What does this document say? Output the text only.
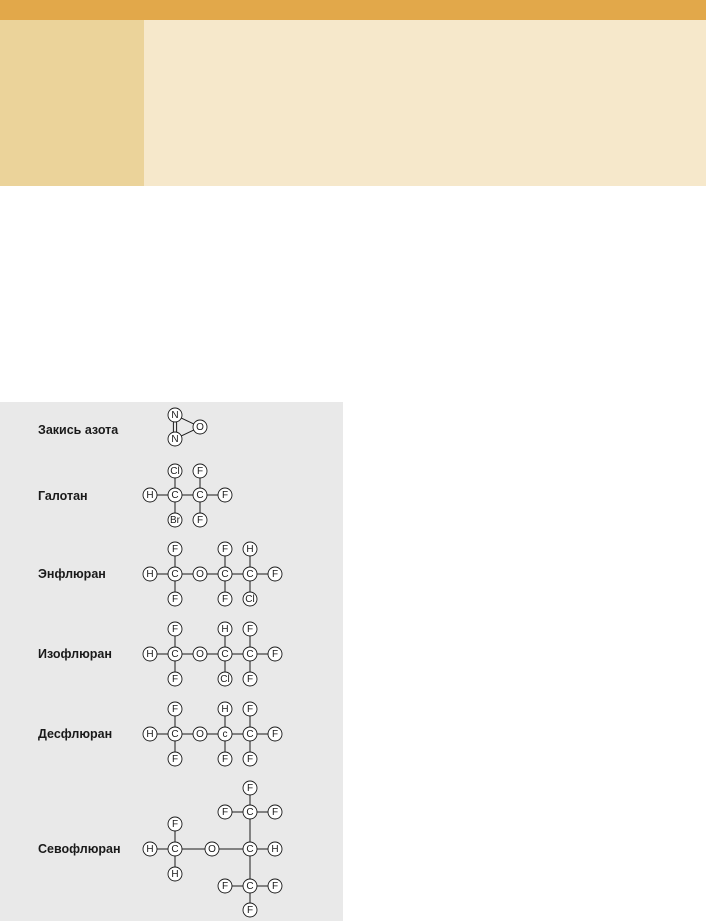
Закись азота
N
N
O
Галотан	H C C F
Cl
Br
F
F
Энфлюран	H C O C C F
F
F
F
F
H
Cl
Изофлюран	H C O C C F
F
F
H
Cl
F
F
Десфлюран	H C O c C F
F
F
H
F
F
F
Севофлюран	H C	O	C H
F
H
C
C
F
F	F
F
F	F
